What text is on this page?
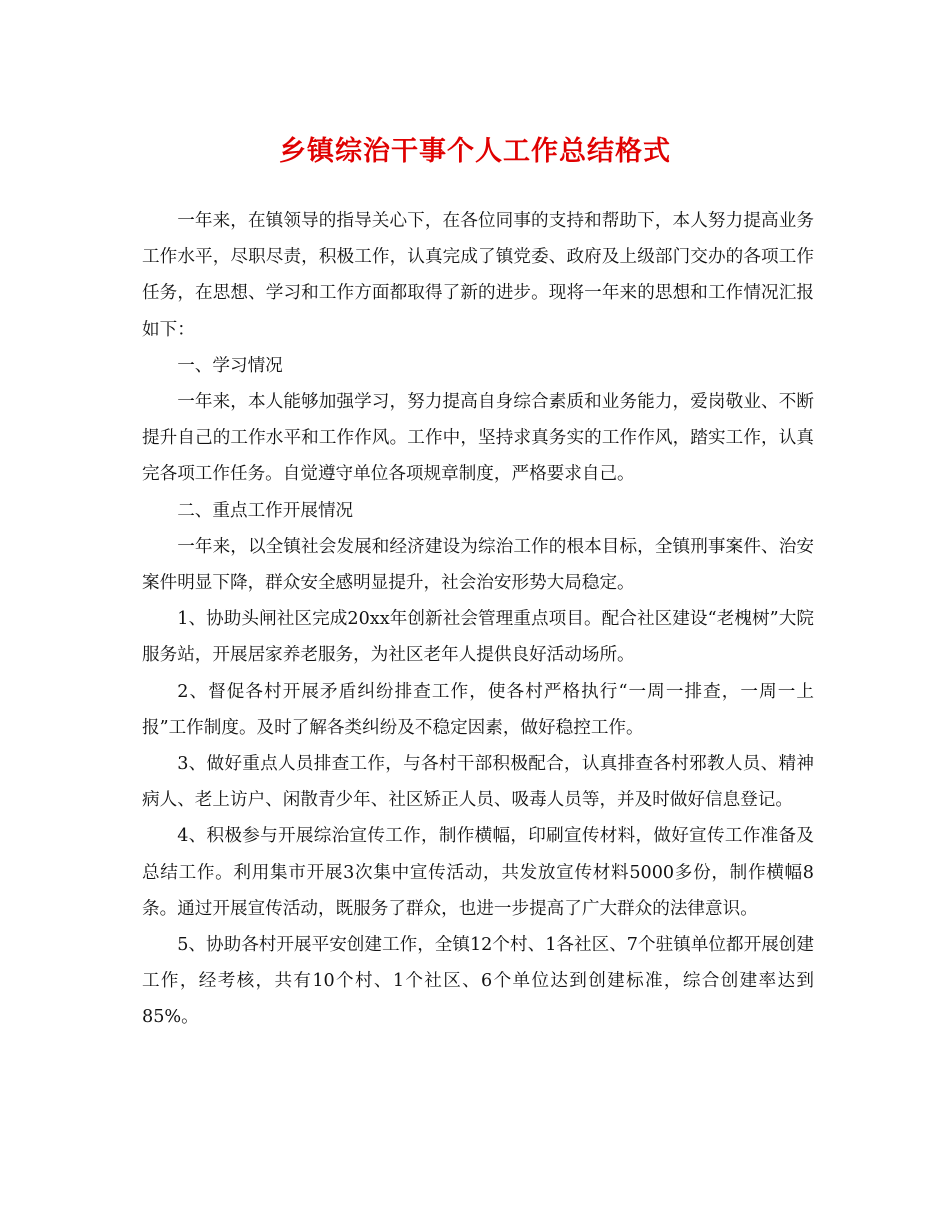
乡镇综治干事个人工作总结格式

一年来，在镇领导的指导关心下，在各位同事的支持和帮助下，本人努力提高业务工作水平，尽职尽责，积极工作，认真完成了镇党委、政府及上级部门交办的各项工作任务，在思想、学习和工作方面都取得了新的进步。现将一年来的思想和工作情况汇报如下：

一、学习情况

一年来，本人能够加强学习，努力提高自身综合素质和业务能力，爱岗敬业、不断提升自己的工作水平和工作作风。工作中，坚持求真务实的工作作风，踏实工作，认真完各项工作任务。自觉遵守单位各项规章制度，严格要求自己。

二、重点工作开展情况

一年来，以全镇社会发展和经济建设为综治工作的根本目标，全镇刑事案件、治安案件明显下降，群众安全感明显提升，社会治安形势大局稳定。

1、协助头闸社区完成20xx年创新社会管理重点项目。配合社区建设“老槐树”大院服务站，开展居家养老服务，为社区老年人提供良好活动场所。

2、督促各村开展矛盾纠纷排查工作，使各村严格执行“一周一排查，一周一上报”工作制度。及时了解各类纠纷及不稳定因素，做好稳控工作。

3、做好重点人员排查工作，与各村干部积极配合，认真排查各村邪教人员、精神病人、老上访户、闲散青少年、社区矫正人员、吸毒人员等，并及时做好信息登记。

4、积极参与开展综治宣传工作，制作横幅，印刷宣传材料，做好宣传工作准备及总结工作。利用集市开展3次集中宣传活动，共发放宣传材料5000多份，制作横幅8条。通过开展宣传活动，既服务了群众，也进一步提高了广大群众的法律意识。

5、协助各村开展平安创建工作，全镇12个村、1各社区、7个驻镇单位都开展创建工作，经考核，共有10个村、1个社区、6个单位达到创建标准，综合创建率达到85%。
